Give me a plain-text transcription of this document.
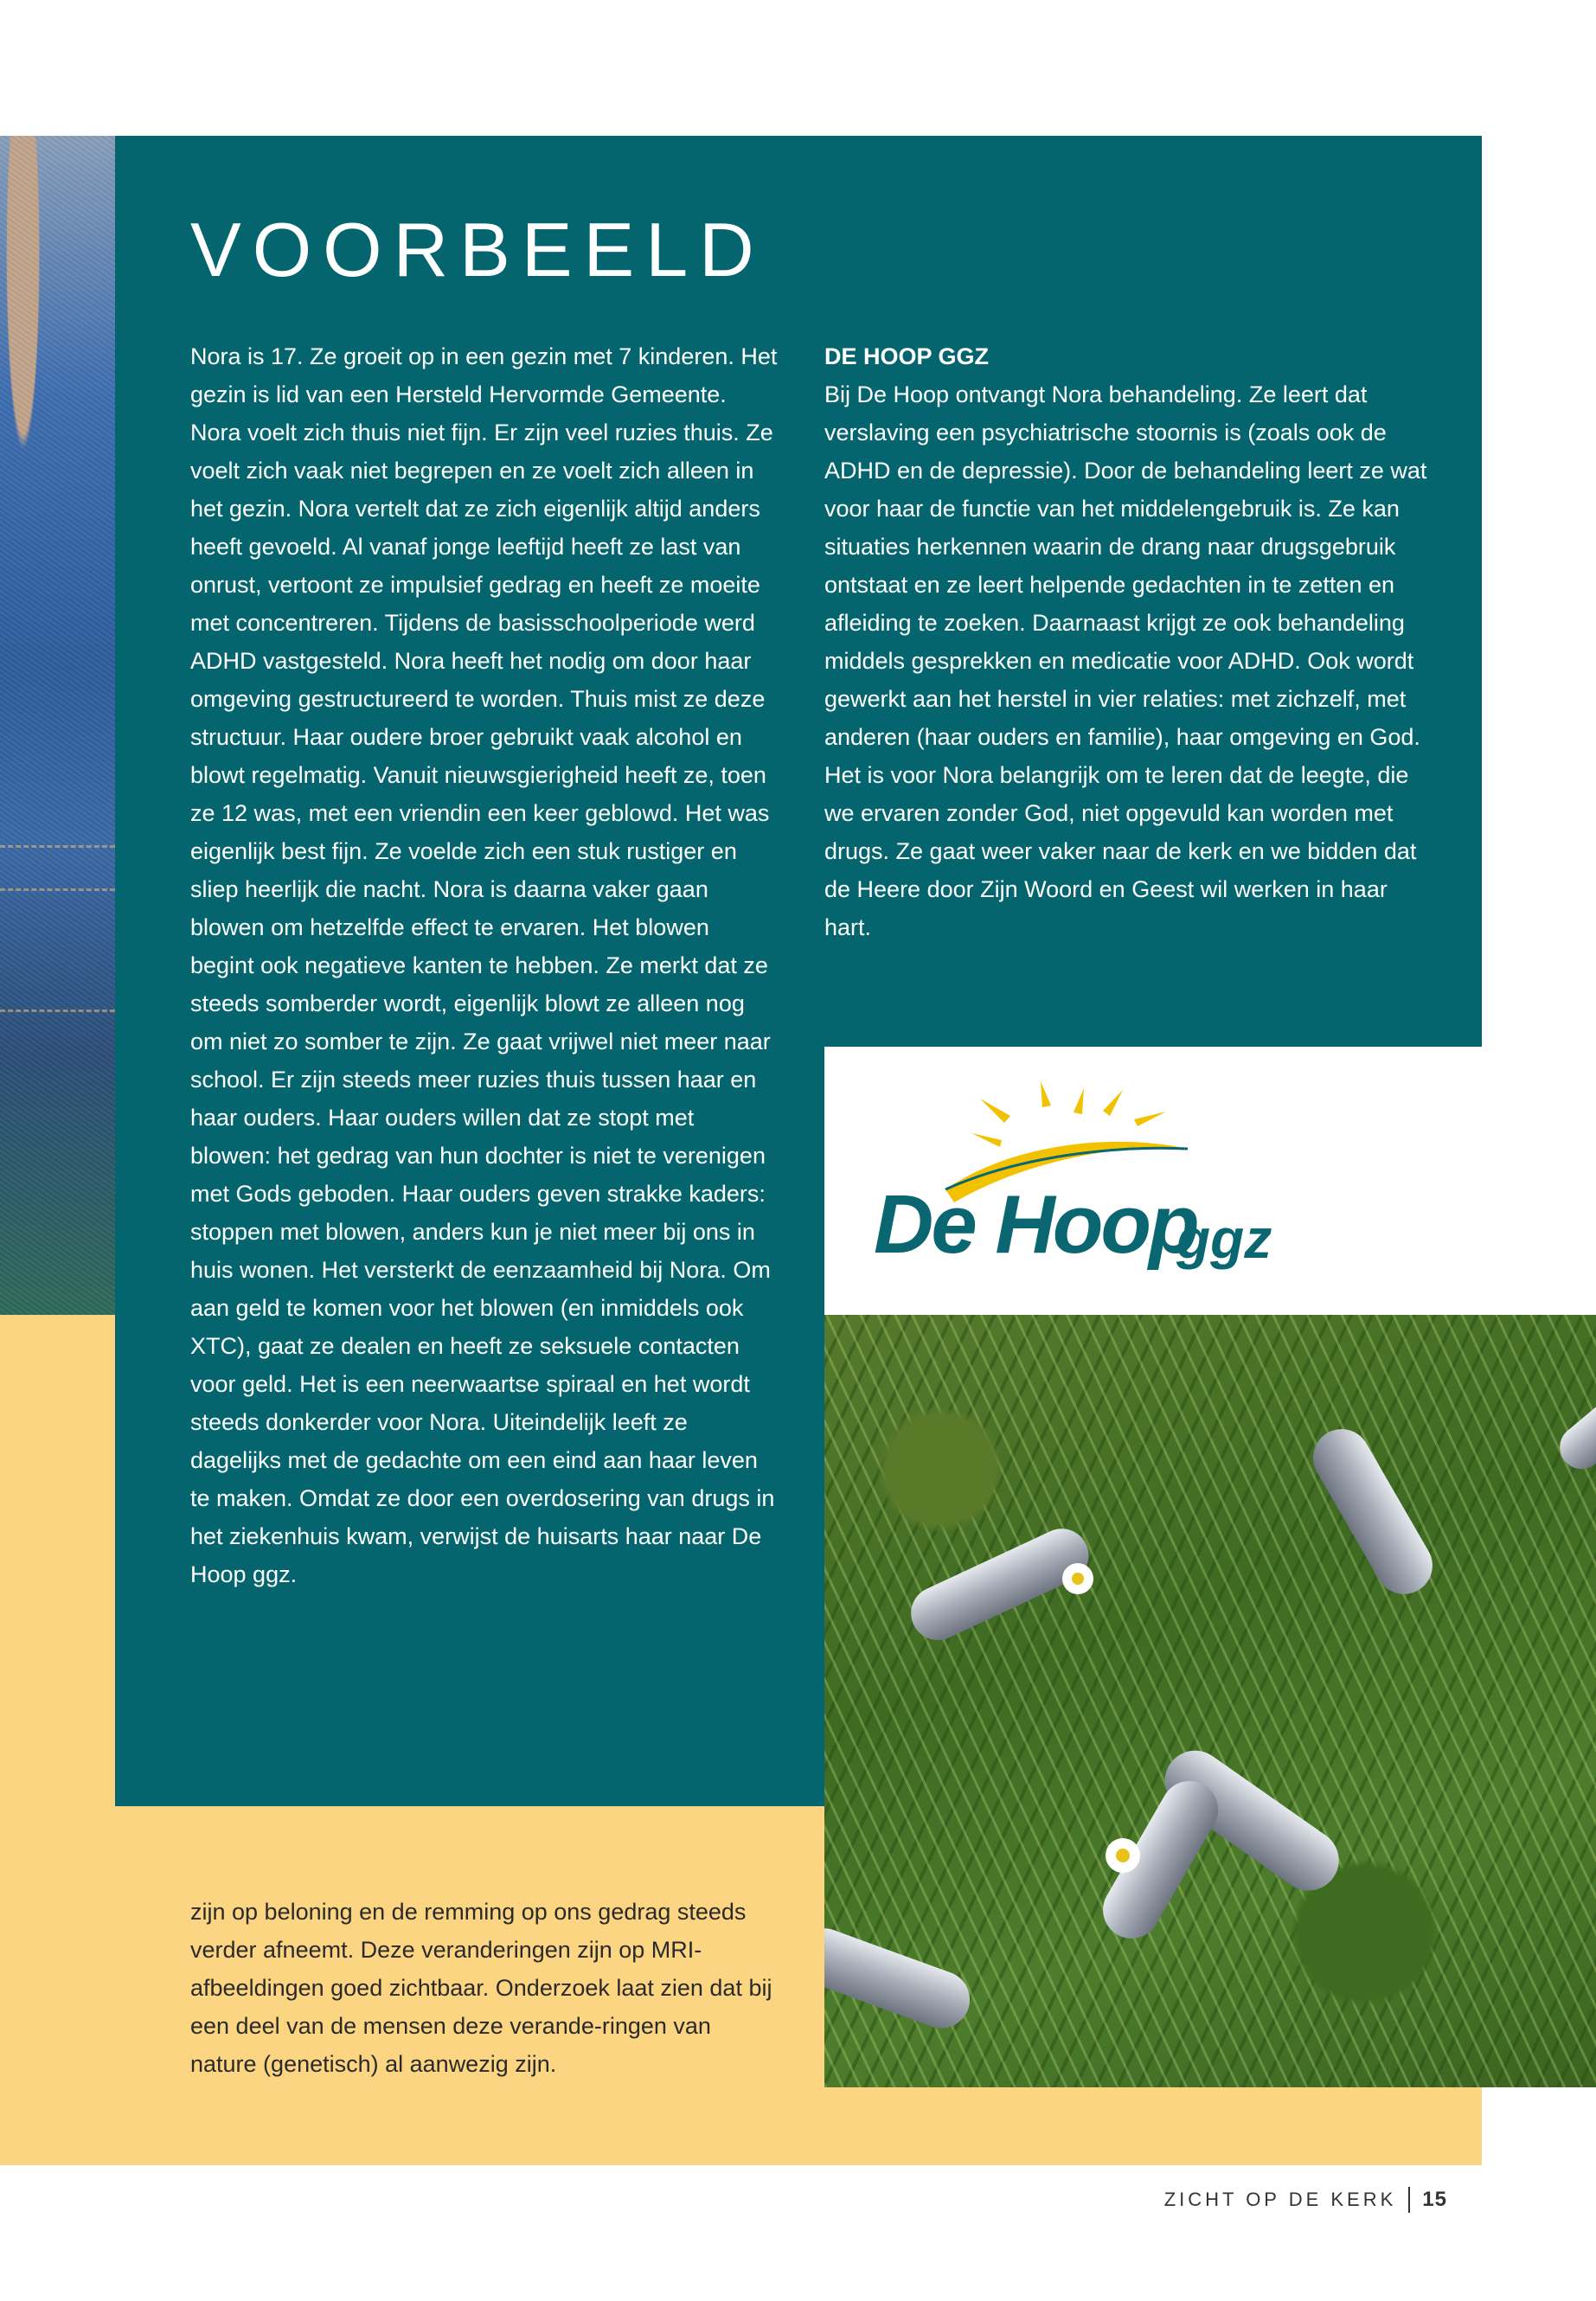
VOORBEELD

Nora is 17. Ze groeit op in een gezin met 7 kinderen. Het gezin is lid van een Hersteld Hervormde Gemeente. Nora voelt zich thuis niet fijn. Er zijn veel ruzies thuis. Ze voelt zich vaak niet begrepen en ze voelt zich alleen in het gezin. Nora vertelt dat ze zich eigenlijk altijd anders heeft gevoeld. Al vanaf jonge leeftijd heeft ze last van onrust, vertoont ze impulsief gedrag en heeft ze moeite met concentreren. Tijdens de basisschoolperiode werd ADHD vastgesteld. Nora heeft het nodig om door haar omgeving gestructureerd te worden. Thuis mist ze deze structuur. Haar oudere broer gebruikt vaak alcohol en blowt regelmatig. Vanuit nieuwsgierigheid heeft ze, toen ze 12 was, met een vriendin een keer geblowd. Het was eigenlijk best fijn. Ze voelde zich een stuk rustiger en sliep heerlijk die nacht. Nora is daarna vaker gaan blowen om hetzelfde effect te ervaren. Het blowen begint ook negatieve kanten te hebben. Ze merkt dat ze steeds somberder wordt, eigenlijk blowt ze alleen nog om niet zo somber te zijn. Ze gaat vrijwel niet meer naar school. Er zijn steeds meer ruzies thuis tussen haar en haar ouders. Haar ouders willen dat ze stopt met blowen: het gedrag van hun dochter is niet te verenigen met Gods geboden. Haar ouders geven strakke kaders: stoppen met blowen, anders kun je niet meer bij ons in huis wonen. Het versterkt de eenzaamheid bij Nora. Om aan geld te komen voor het blowen (en inmiddels ook XTC), gaat ze dealen en heeft ze seksuele contacten voor geld. Het is een neerwaartse spiraal en het wordt steeds donkerder voor Nora. Uiteindelijk leeft ze dagelijks met de gedachte om een eind aan haar leven te maken. Omdat ze door een overdosering van drugs in het ziekenhuis kwam, verwijst de huisarts haar naar De Hoop ggz.

DE HOOP GGZ
Bij De Hoop ontvangt Nora behandeling. Ze leert dat verslaving een psychiatrische stoornis is (zoals ook de ADHD en de depressie). Door de behandeling leert ze wat voor haar de functie van het middelengebruik is. Ze kan situaties herkennen waarin de drang naar drugsgebruik ontstaat en ze leert helpende gedachten in te zetten en afleiding te zoeken. Daarnaast krijgt ze ook behandeling middels gesprekken en medicatie voor ADHD. Ook wordt gewerkt aan het herstel in vier relaties: met zichzelf, met anderen (haar ouders en familie), haar omgeving en God. Het is voor Nora belangrijk om te leren dat de leegte, die we ervaren zonder God, niet opgevuld kan worden met drugs. Ze gaat weer vaker naar de kerk en we bidden dat de Heere door Zijn Woord en Geest wil werken in haar hart.
De Hoop
ggz

zijn op beloning en de remming op ons gedrag steeds verder afneemt. Deze veranderingen zijn op MRI-afbeeldingen goed zichtbaar. Onderzoek laat zien dat bij een deel van de mensen deze verande-ringen van nature (genetisch) al aanwezig zijn.

ZICHT OP DE KERK 15
